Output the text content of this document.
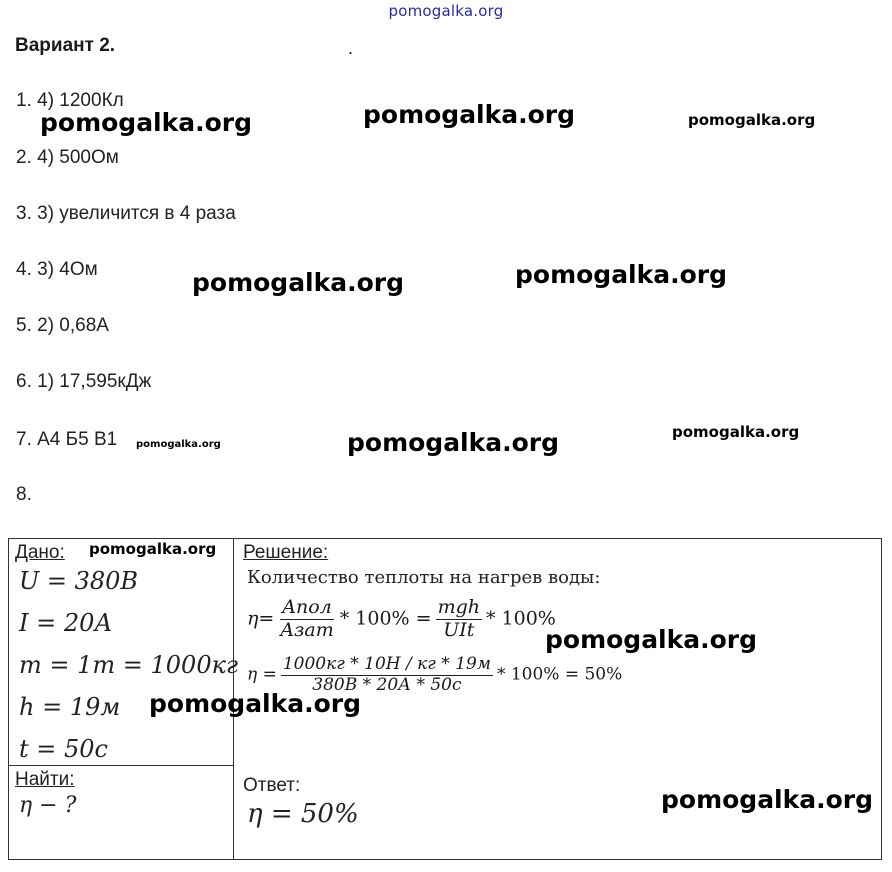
pomogalka.org
Вариант 2.	.
1. 4) 1200Кл
2. 4) 500Ом
3. 3) увеличится в 4 раза
4. 3) 4Ом
5. 2) 0,68А
6. 1) 17,595кДж
7. А4 Б5 В1
8.
pomogalka.org	pomogalka.org	pomogalka.org
pomogalka.org	pomogalka.org
pomogalka.org	pomogalka.org	pomogalka.org
Дано:
U = 380В
I = 20А
m = 1т = 1000кг
h = 19м
t = 50с
Найти:
η − ?
Решение:
Количество теплоты на нагрев воды:
$\eta= \frac{\text{Aпол}}{\text{Aзат}} * 100\% = \frac{\text{mgh}}{\text{UIt}} * 100\%$
$\eta = \frac{1000кг * 10Н / кг * 19м}{380В * 20А * 50с} * 100\% = 50\%$
Ответ:
η = 50%
pomogalka.org
pomogalka.org
pomogalka.org
pomogalka.org
